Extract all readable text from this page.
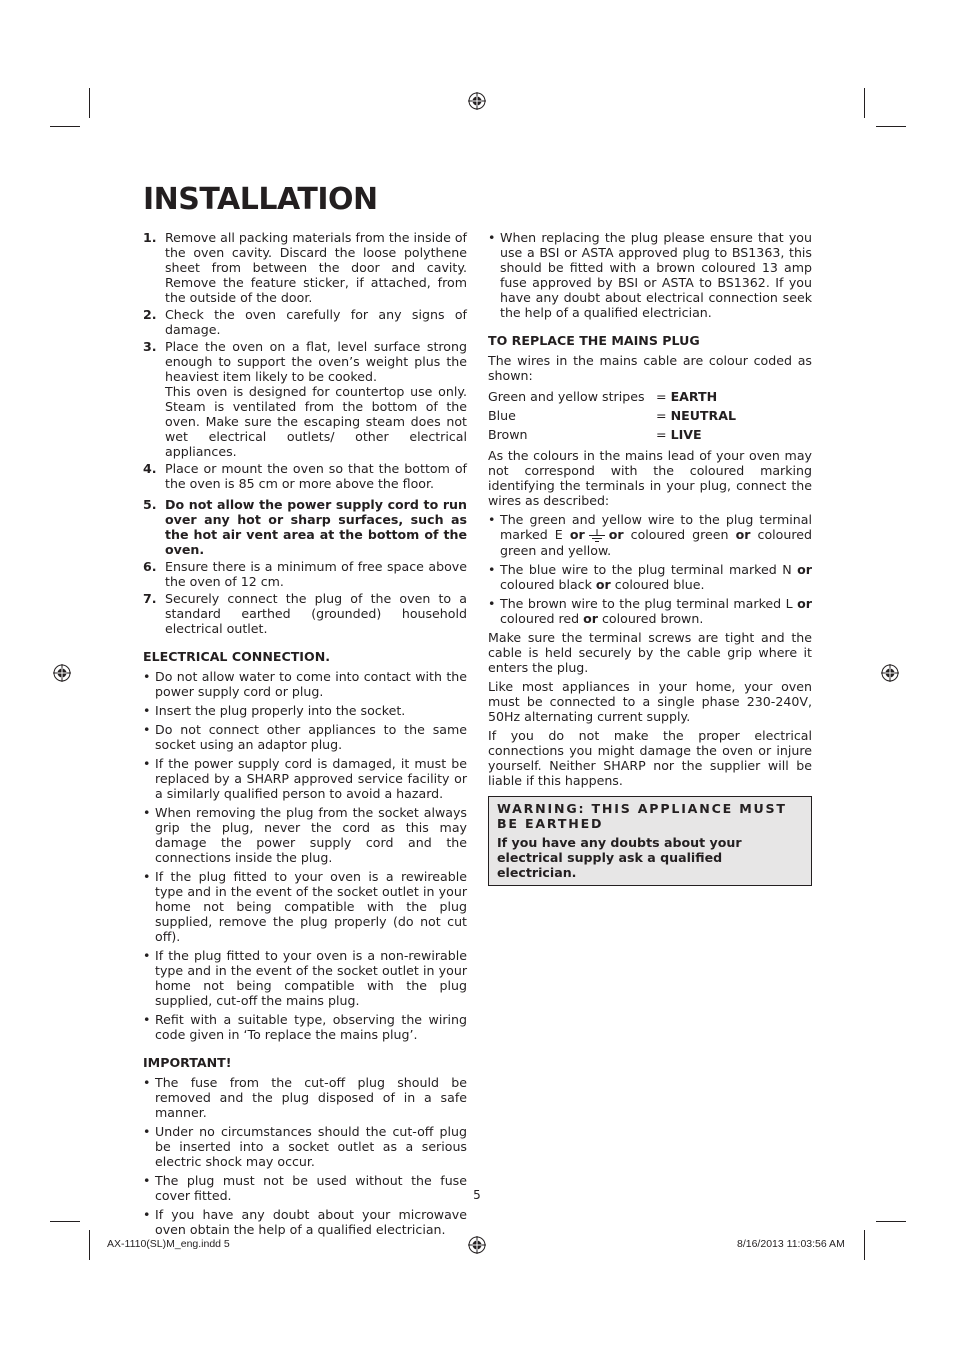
INSTALLATION
1. Remove all packing materials from the inside of the oven cavity. Discard the loose polythene sheet from between the door and cavity. Remove the feature sticker, if attached, from the outside of the door.
2. Check the oven carefully for any signs of damage.
3. Place the oven on a flat, level surface strong enough to support the oven’s weight plus the heaviest item likely to be cooked.
This oven is designed for countertop use only. Steam is ventilated from the bottom of the oven. Make sure the escaping steam does not wet electrical outlets/ other electrical appliances.
4. Place or mount the oven so that the bottom of the oven is 85 cm or more above the floor.
5. Do not allow the power supply cord to run over any hot or sharp surfaces, such as the hot air vent area at the bottom of the oven.
6. Ensure there is a minimum of free space above the oven of 12 cm.
7. Securely connect the plug of the oven to a standard earthed (grounded) household electrical outlet.
ELECTRICAL CONNECTION.
• Do not allow water to come into contact with the power supply cord or plug.
• Insert the plug properly into the socket.
• Do not connect other appliances to the same socket using an adaptor plug.
• If the power supply cord is damaged, it must be replaced by a SHARP approved service facility or a similarly qualified person to avoid a hazard.
• When removing the plug from the socket always grip the plug, never the cord as this may damage the power supply cord and the connections inside the plug.
• If the plug fitted to your oven is a rewireable type and in the event of the socket outlet in your home not being compatible with the plug supplied, remove the plug properly (do not cut off).
• If the plug fitted to your oven is a non-rewirable type and in the event of the socket outlet in your home not being compatible with the plug supplied, cut-off the mains plug.
• Refit with a suitable type, observing the wiring code given in ‘To replace the mains plug’.
IMPORTANT!
• The fuse from the cut-off plug should be removed and the plug disposed of in a safe manner.
• Under no circumstances should the cut-off plug be inserted into a socket outlet as a serious electric shock may occur.
• The plug must not be used without the fuse cover fitted.
• If you have any doubt about your microwave oven obtain the help of a qualified electrician.
• When replacing the plug please ensure that you use a BSI or ASTA approved plug to BS1363, this should be fitted with a brown coloured 13 amp fuse approved by BSI or ASTA to BS1362. If you have any doubt about electrical connection seek the help of a qualified electrician.
TO REPLACE THE MAINS PLUG

The wires in the mains cable are colour coded as shown:

Green and yellow stripes = EARTH
Blue	= NEUTRAL
Brown	= LIVE

As the colours in the mains lead of your oven may not correspond with the coloured marking identifying the terminals in your plug, connect the wires as described:

• The green and yellow wire to the plug terminal marked E or or coloured green or coloured green and yellow.
• The blue wire to the plug terminal marked N or coloured black or coloured blue.
• The brown wire to the plug terminal marked L or coloured red or coloured brown.

Make sure the terminal screws are tight and the cable is held securely by the cable grip where it enters the plug.

Like most appliances in your home, your oven must be connected to a single phase 230-240V, 50Hz alternating current supply.

If you do not make the proper electrical connections you might damage the oven or injure yourself. Neither SHARP nor the supplier will be liable if this happens.

WARNING: THIS APPLIANCE MUST BE EARTHED
If you have any doubts about your electrical supply ask a qualified electrician.
5
AX-1110(SL)M_eng.indd 5	8/16/2013 11:03:56 AM
